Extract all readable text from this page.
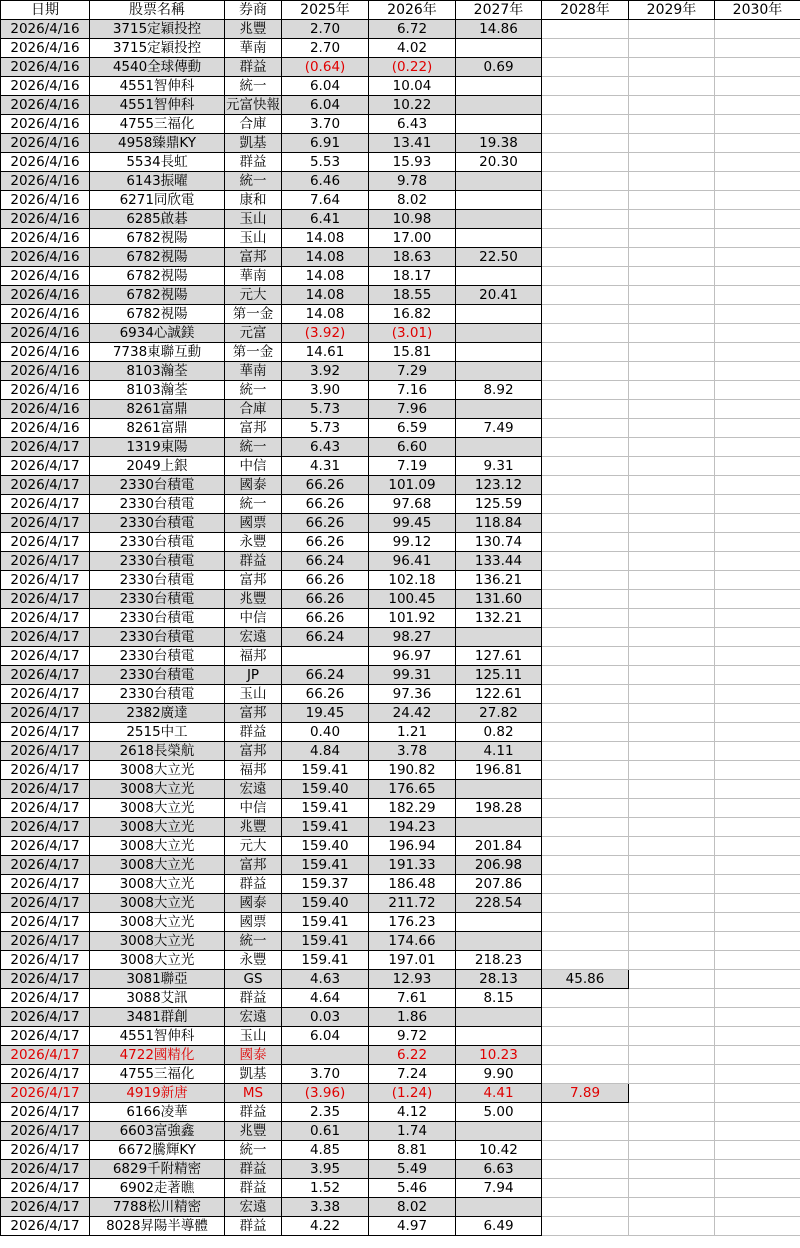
日期	股票名稱	券商	2025年	2026年	2027年	2028年	2029年	2030年
2026/4/16	3715定穎投控	兆豐	2.70	6.72	14.86			
2026/4/16	3715定穎投控	華南	2.70	4.02				
2026/4/16	4540全球傳動	群益	(0.64)	(0.22)	0.69			
2026/4/16	4551智伸科	統一	6.04	10.04				
2026/4/16	4551智伸科	元富快報	6.04	10.22				
2026/4/16	4755三福化	合庫	3.70	6.43				
2026/4/16	4958臻鼎KY	凱基	6.91	13.41	19.38			
2026/4/16	5534長虹	群益	5.53	15.93	20.30			
2026/4/16	6143振曜	統一	6.46	9.78				
2026/4/16	6271同欣電	康和	7.64	8.02				
2026/4/16	6285啟碁	玉山	6.41	10.98				
2026/4/16	6782視陽	玉山	14.08	17.00				
2026/4/16	6782視陽	富邦	14.08	18.63	22.50			
2026/4/16	6782視陽	華南	14.08	18.17				
2026/4/16	6782視陽	元大	14.08	18.55	20.41			
2026/4/16	6782視陽	第一金	14.08	16.82				
2026/4/16	6934心誠鎂	元富	(3.92)	(3.01)				
2026/4/16	7738東聯互動	第一金	14.61	15.81				
2026/4/16	8103瀚荃	華南	3.92	7.29				
2026/4/16	8103瀚荃	統一	3.90	7.16	8.92			
2026/4/16	8261富鼎	合庫	5.73	7.96				
2026/4/16	8261富鼎	富邦	5.73	6.59	7.49			
2026/4/17	1319東陽	統一	6.43	6.60				
2026/4/17	2049上銀	中信	4.31	7.19	9.31			
2026/4/17	2330台積電	國泰	66.26	101.09	123.12			
2026/4/17	2330台積電	統一	66.26	97.68	125.59			
2026/4/17	2330台積電	國票	66.26	99.45	118.84			
2026/4/17	2330台積電	永豐	66.26	99.12	130.74			
2026/4/17	2330台積電	群益	66.24	96.41	133.44			
2026/4/17	2330台積電	富邦	66.26	102.18	136.21			
2026/4/17	2330台積電	兆豐	66.26	100.45	131.60			
2026/4/17	2330台積電	中信	66.26	101.92	132.21			
2026/4/17	2330台積電	宏遠	66.24	98.27				
2026/4/17	2330台積電	福邦		96.97	127.61			
2026/4/17	2330台積電	JP	66.24	99.31	125.11			
2026/4/17	2330台積電	玉山	66.26	97.36	122.61			
2026/4/17	2382廣達	富邦	19.45	24.42	27.82			
2026/4/17	2515中工	群益	0.40	1.21	0.82			
2026/4/17	2618長榮航	富邦	4.84	3.78	4.11			
2026/4/17	3008大立光	福邦	159.41	190.82	196.81			
2026/4/17	3008大立光	宏遠	159.40	176.65				
2026/4/17	3008大立光	中信	159.41	182.29	198.28			
2026/4/17	3008大立光	兆豐	159.41	194.23				
2026/4/17	3008大立光	元大	159.40	196.94	201.84			
2026/4/17	3008大立光	富邦	159.41	191.33	206.98			
2026/4/17	3008大立光	群益	159.37	186.48	207.86			
2026/4/17	3008大立光	國泰	159.40	211.72	228.54			
2026/4/17	3008大立光	國票	159.41	176.23				
2026/4/17	3008大立光	統一	159.41	174.66				
2026/4/17	3008大立光	永豐	159.41	197.01	218.23			
2026/4/17	3081聯亞	GS	4.63	12.93	28.13	45.86		
2026/4/17	3088艾訊	群益	4.64	7.61	8.15			
2026/4/17	3481群創	宏遠	0.03	1.86				
2026/4/17	4551智伸科	玉山	6.04	9.72				
2026/4/17	4722國精化	國泰		6.22	10.23			
2026/4/17	4755三福化	凱基	3.70	7.24	9.90			
2026/4/17	4919新唐	MS	(3.96)	(1.24)	4.41	7.89		
2026/4/17	6166凌華	群益	2.35	4.12	5.00			
2026/4/17	6603富強鑫	兆豐	0.61	1.74				
2026/4/17	6672騰輝KY	統一	4.85	8.81	10.42			
2026/4/17	6829千附精密	群益	3.95	5.49	6.63			
2026/4/17	6902走著瞧	群益	1.52	5.46	7.94			
2026/4/17	7788松川精密	宏遠	3.38	8.02				
2026/4/17	8028昇陽半導體	群益	4.22	4.97	6.49			
